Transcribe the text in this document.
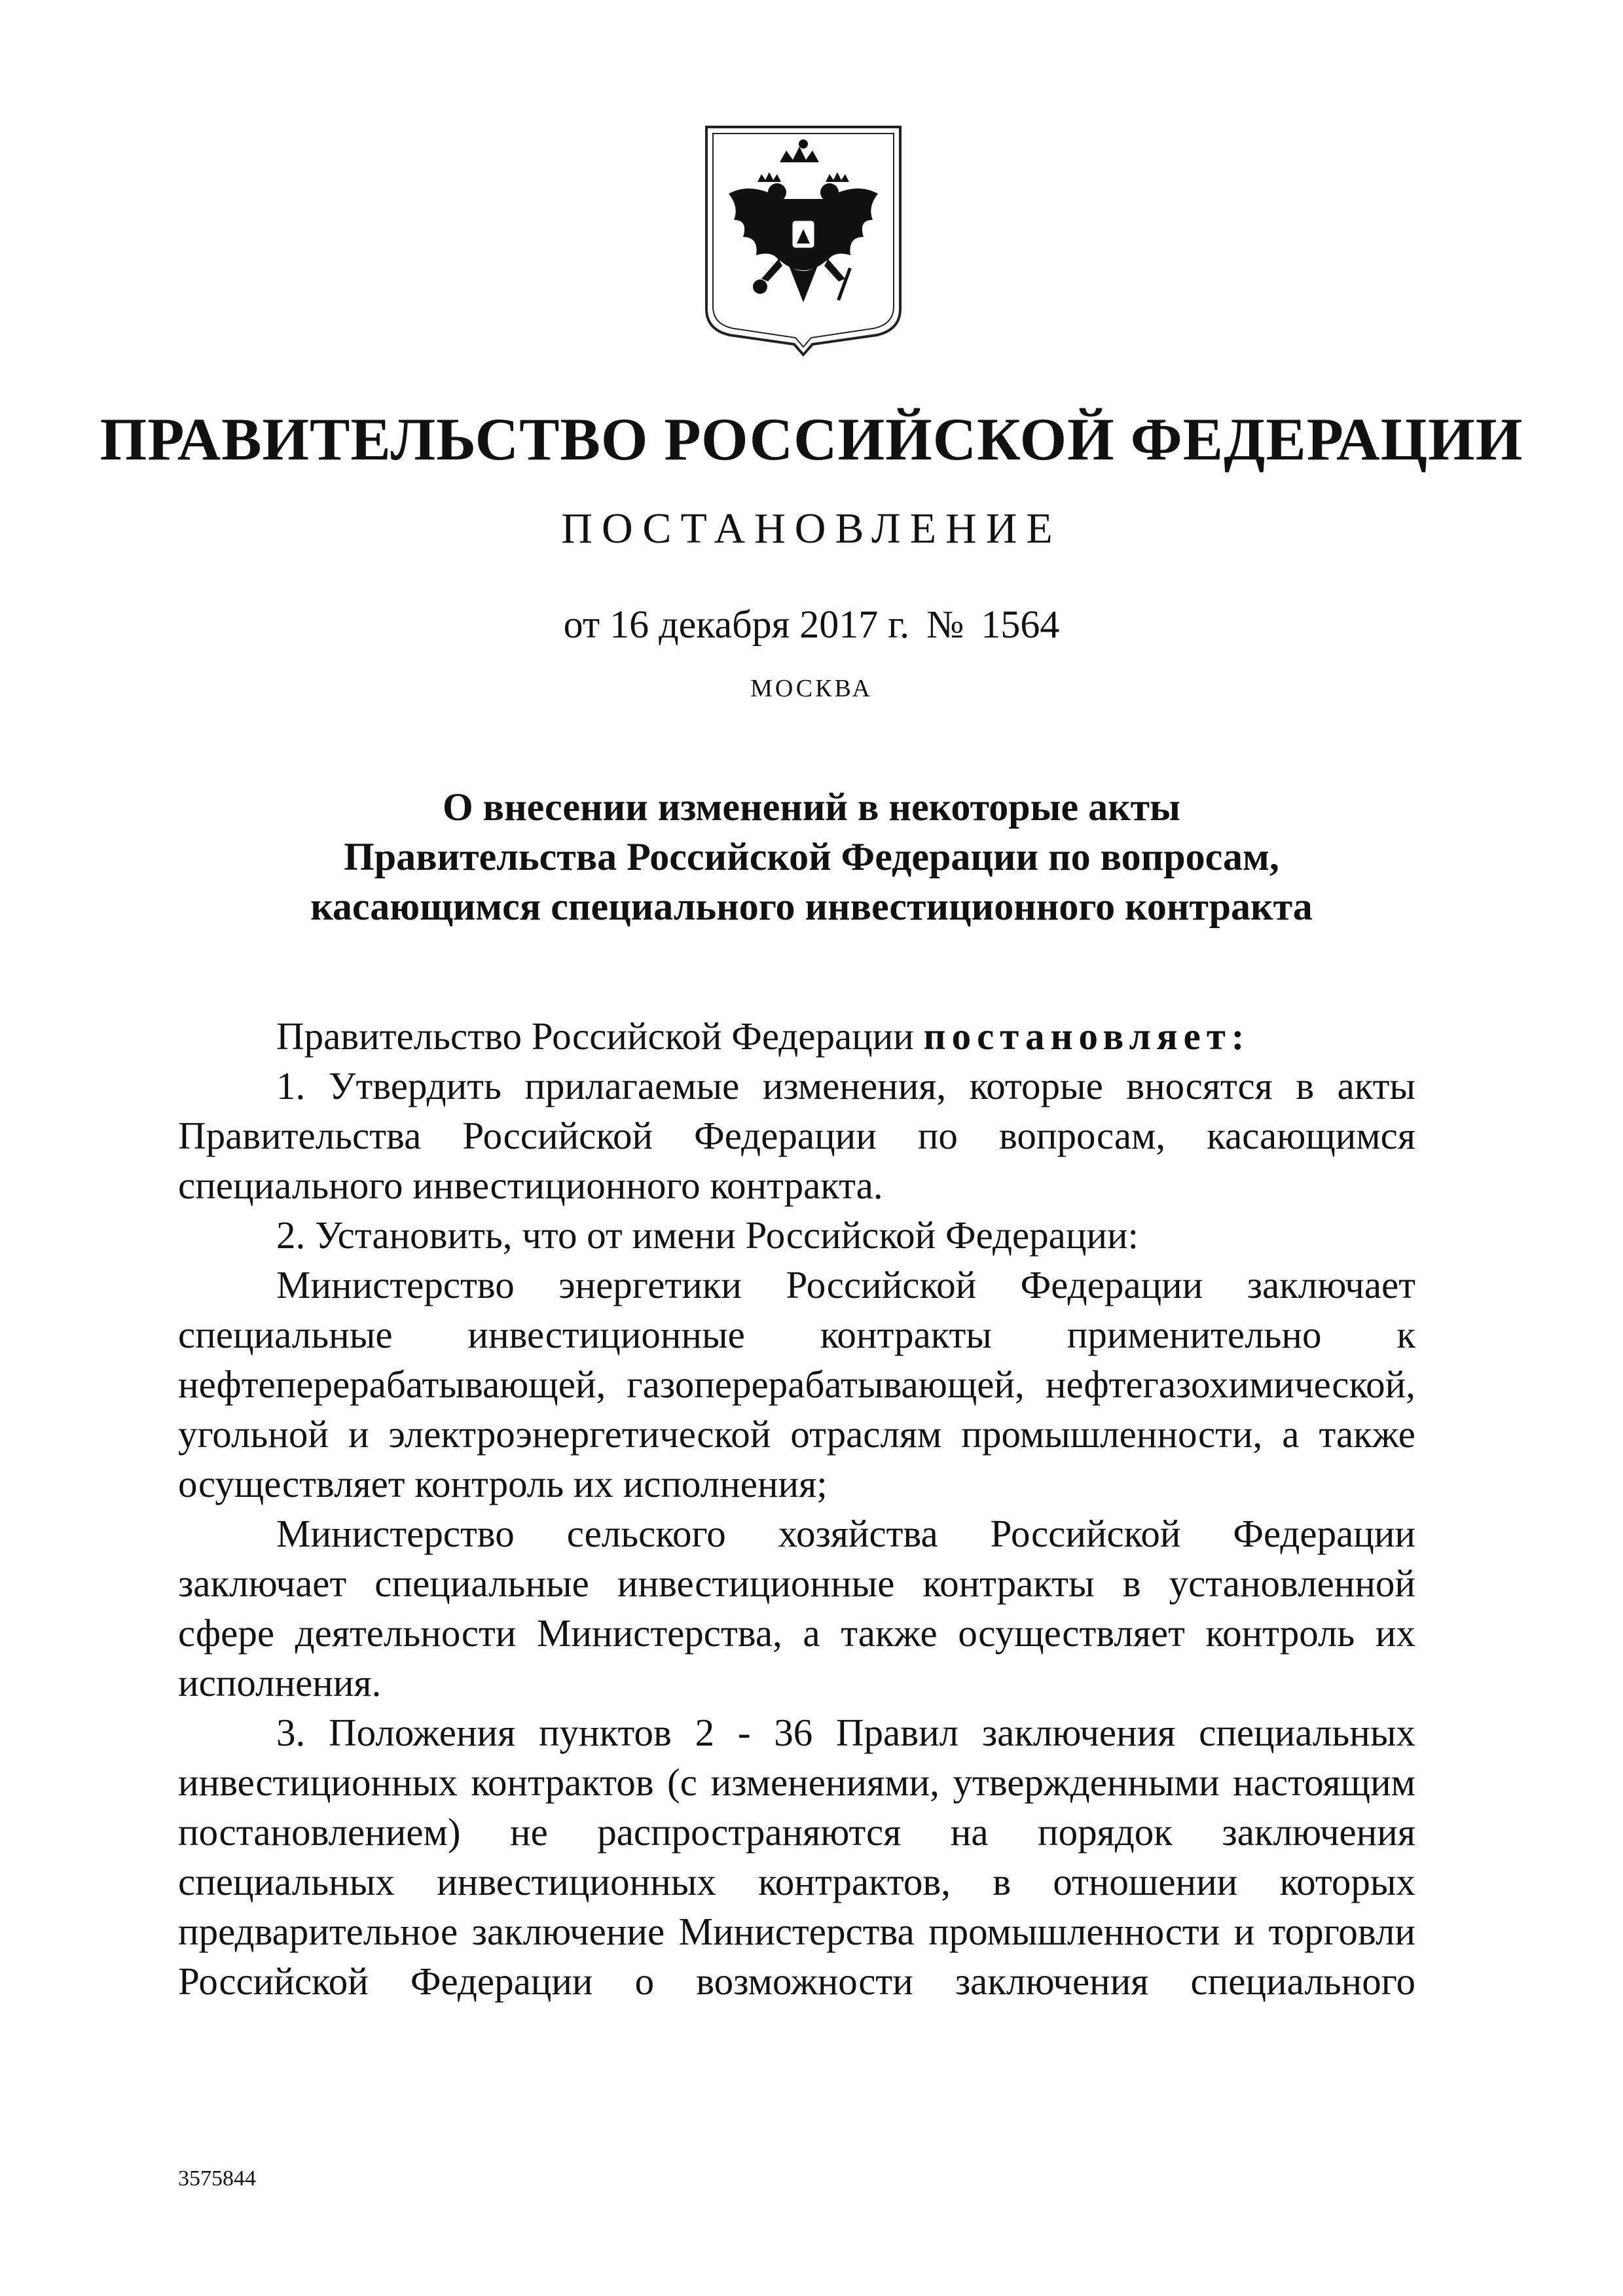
ПРАВИТЕЛЬСТВО РОССИЙСКОЙ ФЕДЕРАЦИИ
ПОСТАНОВЛЕНИЕ
от 16 декабря 2017 г. № 1564
МОСКВА
О внесении изменений в некоторые акты
Правительства Российской Федерации по вопросам,
касающимся специального инвестиционного контракта

Правительство Российской Федерации постановляет:

1. Утвердить прилагаемые изменения, которые вносятся в акты Правительства Российской Федерации по вопросам, касающимся специального инвестиционного контракта.

2. Установить, что от имени Российской Федерации:

Министерство энергетики Российской Федерации заключает специальные инвестиционные контракты применительно к нефтеперерабатывающей, газоперерабатывающей, нефтегазохимической, угольной и электроэнергетической отраслям промышленности, а также осуществляет контроль их исполнения;

Министерство сельского хозяйства Российской Федерации заключает специальные инвестиционные контракты в установленной сфере деятельности Министерства, а также осуществляет контроль их исполнения.

3. Положения пунктов 2 - 36 Правил заключения специальных инвестиционных контрактов (с изменениями, утвержденными настоящим постановлением) не распространяются на порядок заключения специальных инвестиционных контрактов, в отношении которых предварительное заключение Министерства промышленности и торговли Российской Федерации о возможности заключения специального

3575844
